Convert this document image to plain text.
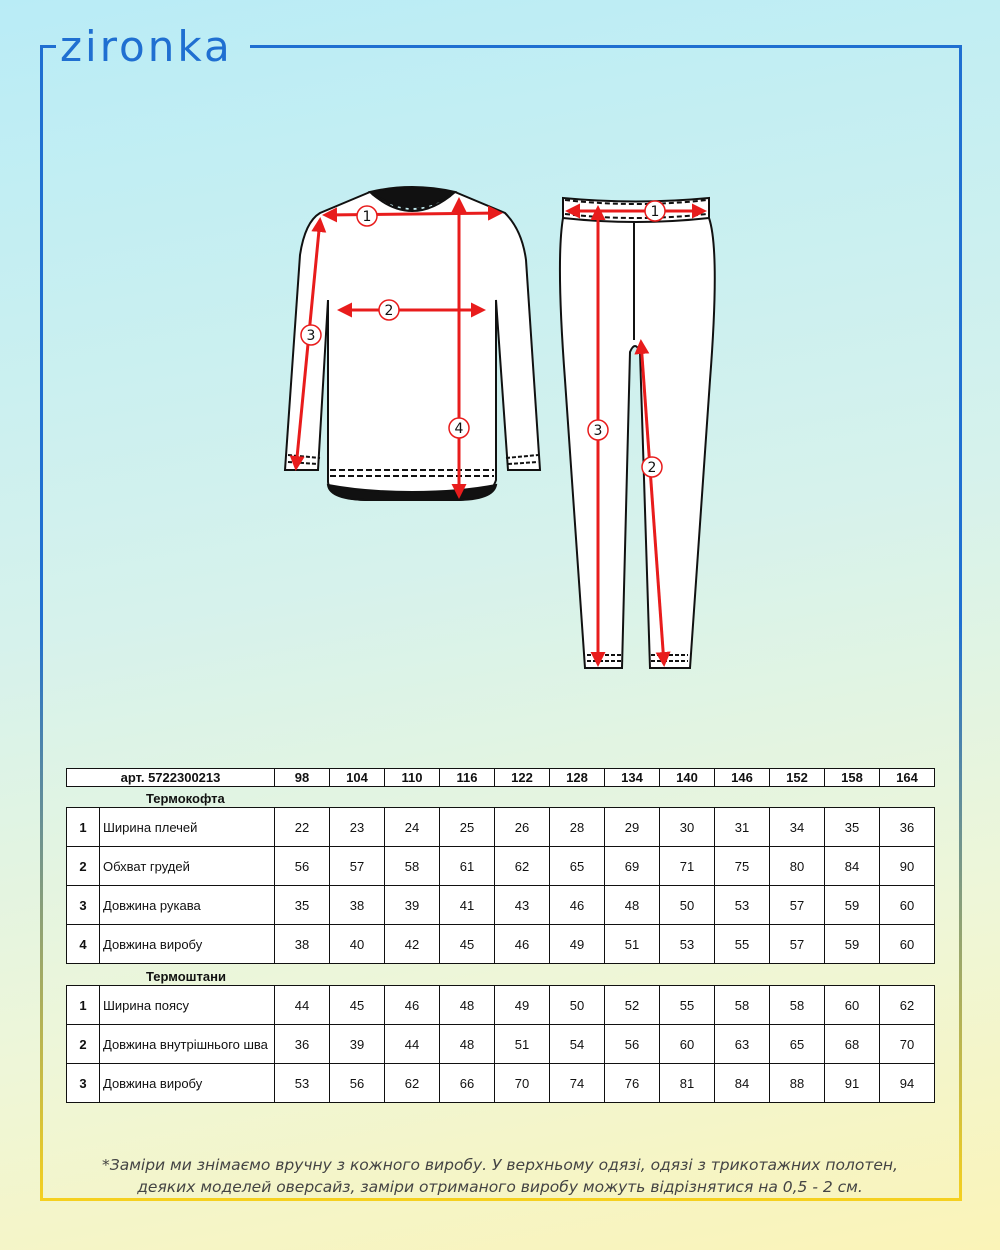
zironka
1
2
3
4
1
2
3
арт. 5722300213	98	104	110	116	122	128	134	140	146	152	158	164
Термокофта
1	Ширина плечей	22	23	24	25	26	28	29	30	31	34	35	36
2	Обхват грудей	56	57	58	61	62	65	69	71	75	80	84	90
3	Довжина рукава	35	38	39	41	43	46	48	50	53	57	59	60
4	Довжина виробу	38	40	42	45	46	49	51	53	55	57	59	60
Термоштани
1	Ширина поясу	44	45	46	48	49	50	52	55	58	58	60	62
2	Довжина внутрішнього шва	36	39	44	48	51	54	56	60	63	65	68	70
3	Довжина виробу	53	56	62	66	70	74	76	81	84	88	91	94
*Заміри ми знімаємо вручну з кожного виробу. У верхньому одязі, одязі з трикотажних полотен,
деяких моделей оверсайз, заміри отриманого виробу можуть відрізнятися на 0,5 - 2 см.
